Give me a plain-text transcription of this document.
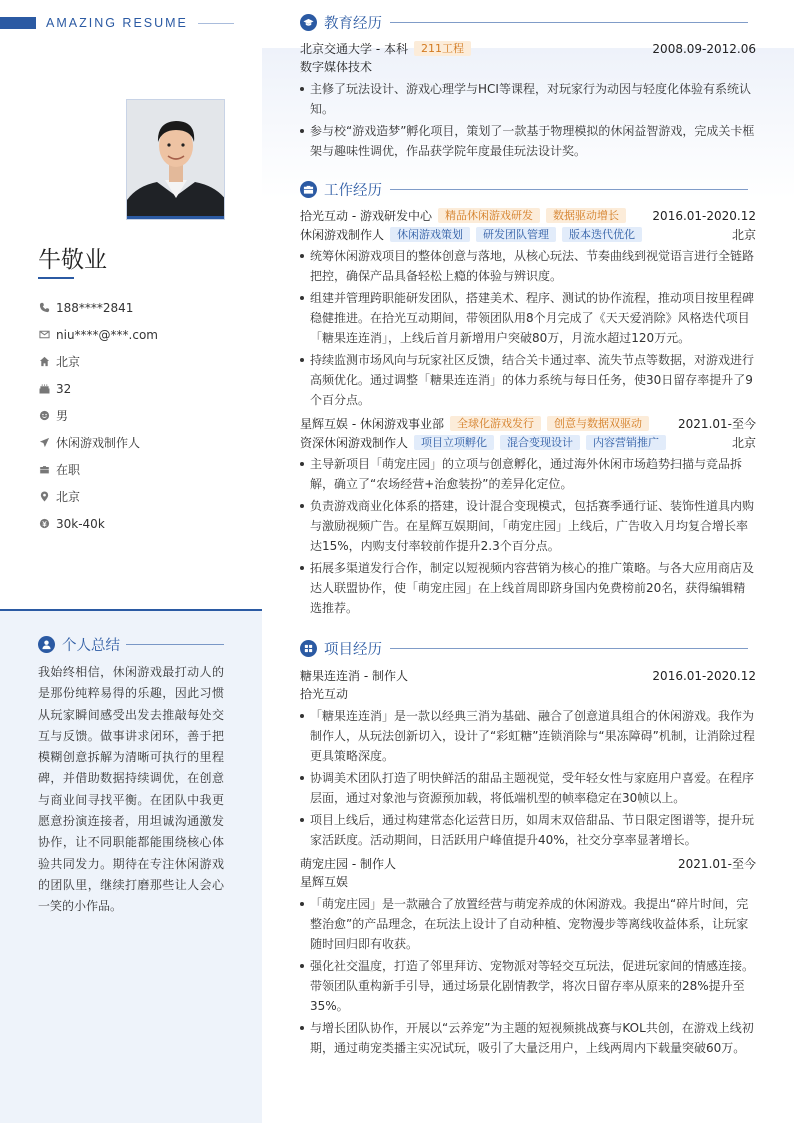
AMAZING RESUME
牛敬业
188****2841
niu****@***.com
北京
32
男
休闲游戏制作人
在职
北京
30k-40k
个人总结
我始终相信，休闲游戏最打动人的是那份纯粹易得的乐趣，因此习惯从玩家瞬间感受出发去推敲每处交互与反馈。做事讲求闭环，善于把模糊创意拆解为清晰可执行的里程碑，并借助数据持续调优，在创意与商业间寻找平衡。在团队中我更愿意扮演连接者，用坦诚沟通激发协作，让不同职能都能围绕核心体验共同发力。期待在专注休闲游戏的团队里，继续打磨那些让人会心一笑的小作品。
教育经历
北京交通大学 - 本科	211工程	2008.09-2012.06
数字媒体技术
主修了玩法设计、游戏心理学与HCI等课程，对玩家行为动因与轻度化体验有系统认知。
参与校“游戏造梦”孵化项目，策划了一款基于物理模拟的休闲益智游戏，完成关卡框架与趣味性调优，作品获学院年度最佳玩法设计奖。
工作经历
拾光互动 - 游戏研发中心	精品休闲游戏研发	数据驱动增长	2016.01-2020.12
休闲游戏制作人	休闲游戏策划	研发团队管理	版本迭代优化	北京
统筹休闲游戏项目的整体创意与落地，从核心玩法、节奏曲线到视觉语言进行全链路把控，确保产品具备轻松上瘾的体验与辨识度。
组建并管理跨职能研发团队，搭建美术、程序、测试的协作流程，推动项目按里程碑稳健推进。在拾光互动期间，带领团队用8个月完成了《天天爱消除》风格迭代项目「糖果连连消」，上线后首月新增用户突破80万，月流水超过120万元。
持续监测市场风向与玩家社区反馈，结合关卡通过率、流失节点等数据，对游戏进行高频优化。通过调整「糖果连连消」的体力系统与每日任务，使30日留存率提升了9个百分点。
星辉互娱 - 休闲游戏事业部	全球化游戏发行	创意与数据双驱动	2021.01-至今
资深休闲游戏制作人	项目立项孵化	混合变现设计	内容营销推广	北京
主导新项目「萌宠庄园」的立项与创意孵化，通过海外休闲市场趋势扫描与竞品拆解，确立了“农场经营+治愈装扮”的差异化定位。
负责游戏商业化体系的搭建，设计混合变现模式，包括赛季通行证、装饰性道具内购与激励视频广告。在星辉互娱期间，「萌宠庄园」上线后，广告收入月均复合增长率达15%，内购支付率较前作提升2.3个百分点。
拓展多渠道发行合作，制定以短视频内容营销为核心的推广策略。与各大应用商店及达人联盟协作，使「萌宠庄园」在上线首周即跻身国内免费榜前20名，获得编辑精选推荐。
项目经历
糖果连连消 - 制作人	2016.01-2020.12
拾光互动
「糖果连连消」是一款以经典三消为基础、融合了创意道具组合的休闲游戏。我作为制作人，从玩法创新切入，设计了“彩虹糖”连锁消除与“果冻障碍”机制，让消除过程更具策略深度。
协调美术团队打造了明快鲜活的甜品主题视觉，受年轻女性与家庭用户喜爱。在程序层面，通过对象池与资源预加载，将低端机型的帧率稳定在30帧以上。
项目上线后，通过构建常态化运营日历，如周末双倍甜品、节日限定图谱等，提升玩家活跃度。活动期间，日活跃用户峰值提升40%，社交分享率显著增长。
萌宠庄园 - 制作人	2021.01-至今
星辉互娱
「萌宠庄园」是一款融合了放置经营与萌宠养成的休闲游戏。我提出“碎片时间，完整治愈”的产品理念，在玩法上设计了自动种植、宠物漫步等离线收益体系，让玩家随时回归即有收获。
强化社交温度，打造了邻里拜访、宠物派对等轻交互玩法，促进玩家间的情感连接。带领团队重构新手引导，通过场景化剧情教学，将次日留存率从原来的28%提升至35%。
与增长团队协作，开展以“云养宠”为主题的短视频挑战赛与KOL共创，在游戏上线初期，通过萌宠类播主实况试玩，吸引了大量泛用户，上线两周内下载量突破60万。
